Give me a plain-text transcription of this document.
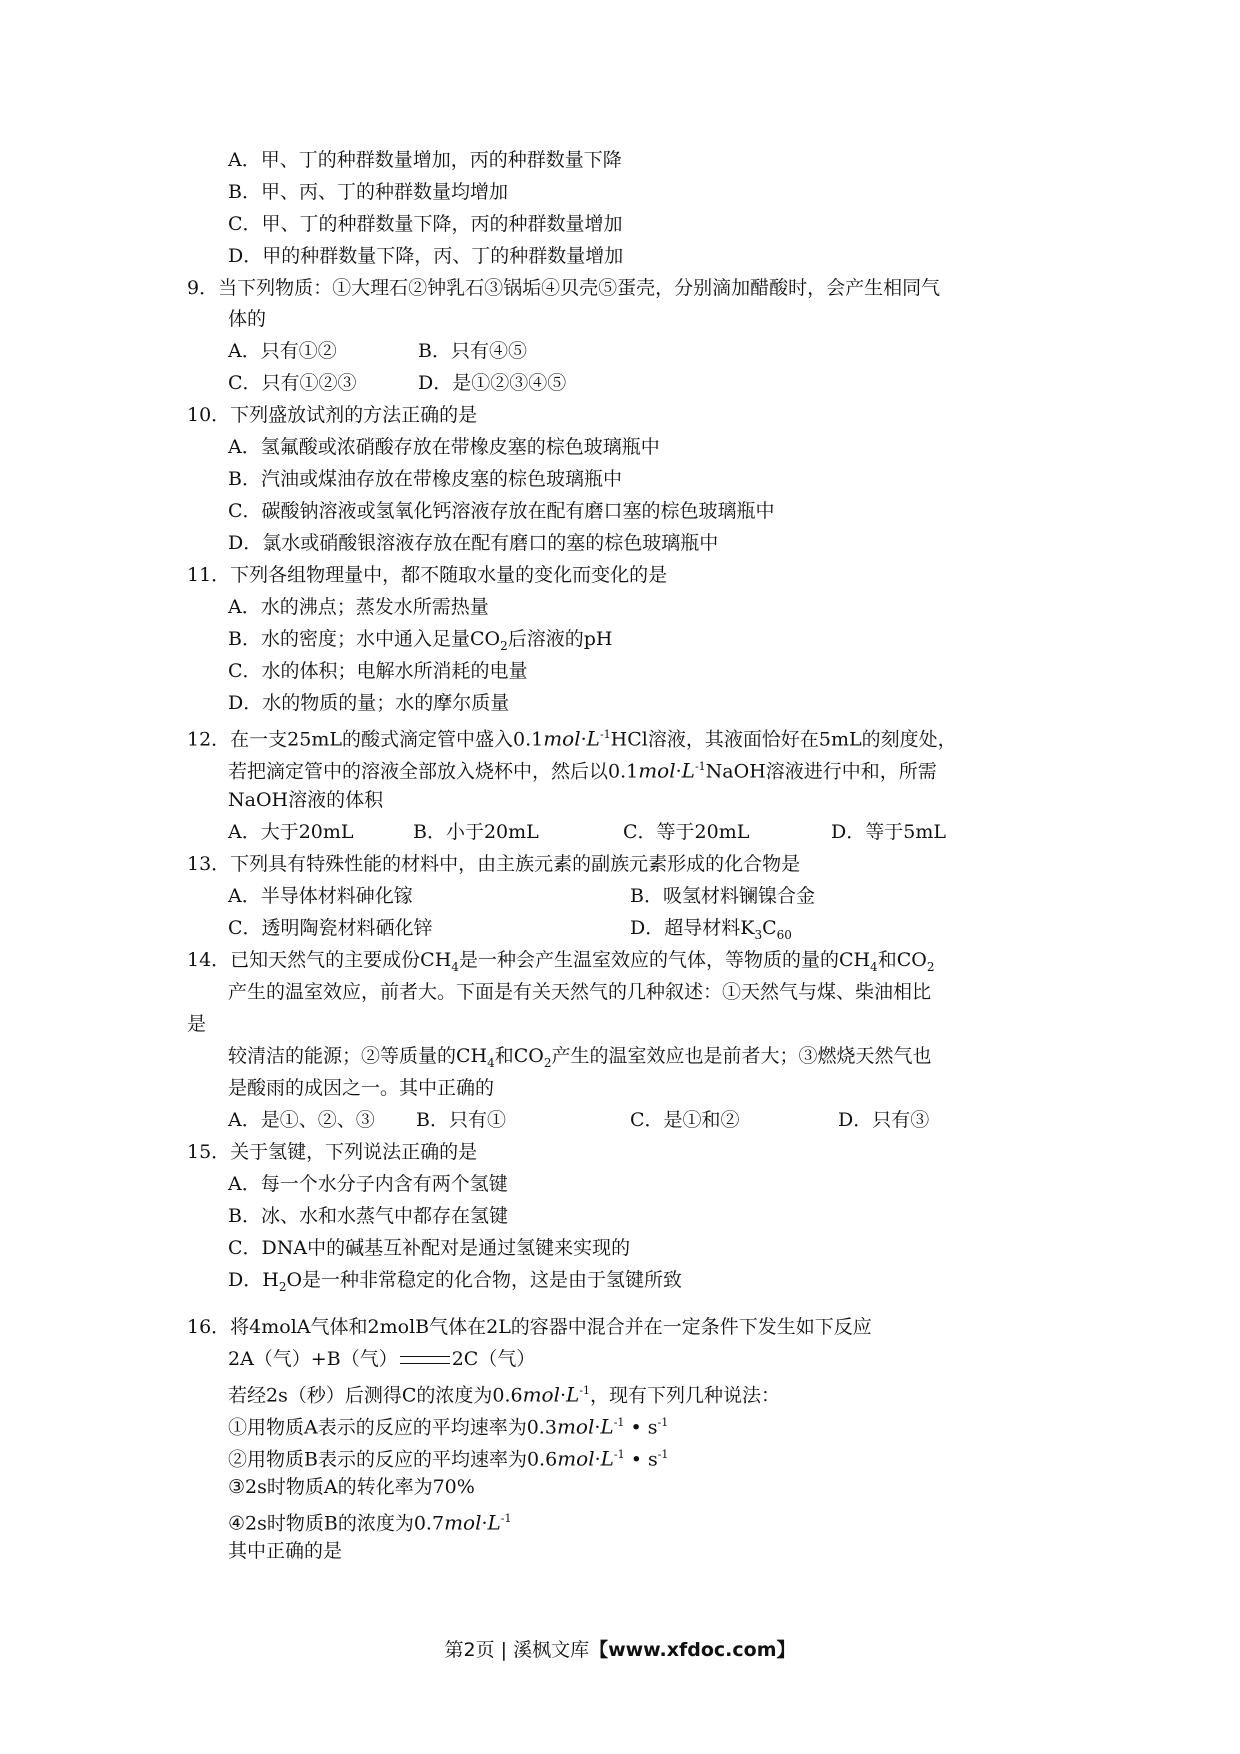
A．甲、丁的种群数量增加，丙的种群数量下降
B．甲、丙、丁的种群数量均增加
C．甲、丁的种群数量下降，丙的种群数量增加
D．甲的种群数量下降，丙、丁的种群数量增加
9．当下列物质：①大理石②钟乳石③锅垢④贝壳⑤蛋壳，分别滴加醋酸时，会产生相同气
体的
A．只有①②	B．只有④⑤
C．只有①②③	D．是①②③④⑤
10．下列盛放试剂的方法正确的是
A．氢氟酸或浓硝酸存放在带橡皮塞的棕色玻璃瓶中
B．汽油或煤油存放在带橡皮塞的棕色玻璃瓶中
C．碳酸钠溶液或氢氧化钙溶液存放在配有磨口塞的棕色玻璃瓶中
D．氯水或硝酸银溶液存放在配有磨口的塞的棕色玻璃瓶中
11．下列各组物理量中，都不随取水量的变化而变化的是
A．水的沸点；蒸发水所需热量
B．水的密度；水中通入足量$CO_2$后溶液的pH
C．水的体积；电解水所消耗的电量
D．水的物质的量；水的摩尔质量
12．在一支25mL的酸式滴定管中盛入$0.1mol\cdot L^{-1}HCl$溶液，其液面恰好在5mL的刻度处，
若把滴定管中的溶液全部放入烧杯中，然后以$0.1mol\cdot L^{-1}NaOH$溶液进行中和，所需
NaOH溶液的体积
A．大于20mL	B．小于20mL	C．等于20mL	D．等于5mL
13．下列具有特殊性能的材料中，由主族元素的副族元素形成的化合物是
A．半导体材料砷化镓	B．吸氢材料镧镍合金
C．透明陶瓷材料硒化锌	D．超导材料$K_3C_{60}$
14．已知天然气的主要成份$CH_4$是一种会产生温室效应的气体，等物质的量的$CH_4$和$CO_2$
产生的温室效应，前者大。下面是有关天然气的几种叙述：①天然气与煤、柴油相比
是
较清洁的能源；②等质量的$CH_4$和$CO_2$产生的温室效应也是前者大；③燃烧天然气也
是酸雨的成因之一。其中正确的
A．是①、②、③ B．只有①	C．是①和②	D．只有③
15．关于氢键，下列说法正确的是
A．每一个水分子内含有两个氢键
B．冰、水和水蒸气中都存在氢键
C．DNA中的碱基互补配对是通过氢键来实现的
D．$H_2O$是一种非常稳定的化合物，这是由于氢键所致
16．将4molA气体和2molB气体在2L的容器中混合并在一定条件下发生如下反应
2A（气）+B（气）	2C（气）
若经2s（秒）后测得C的浓度为$0.6mol\cdot L^{-1}$，现有下列几种说法：
①用物质A表示的反应的平均速率为$0.3mol\cdot L^{-1}$ • $s^{-1}$
②用物质B表示的反应的平均速率为$0.6mol\cdot L^{-1}$ • $s^{-1}$
③2s时物质A的转化率为70%
④2s时物质B的浓度为$0.7mol\cdot L^{-1}$
其中正确的是
第2页 | 溪枫文库【www.xfdoc.com】
